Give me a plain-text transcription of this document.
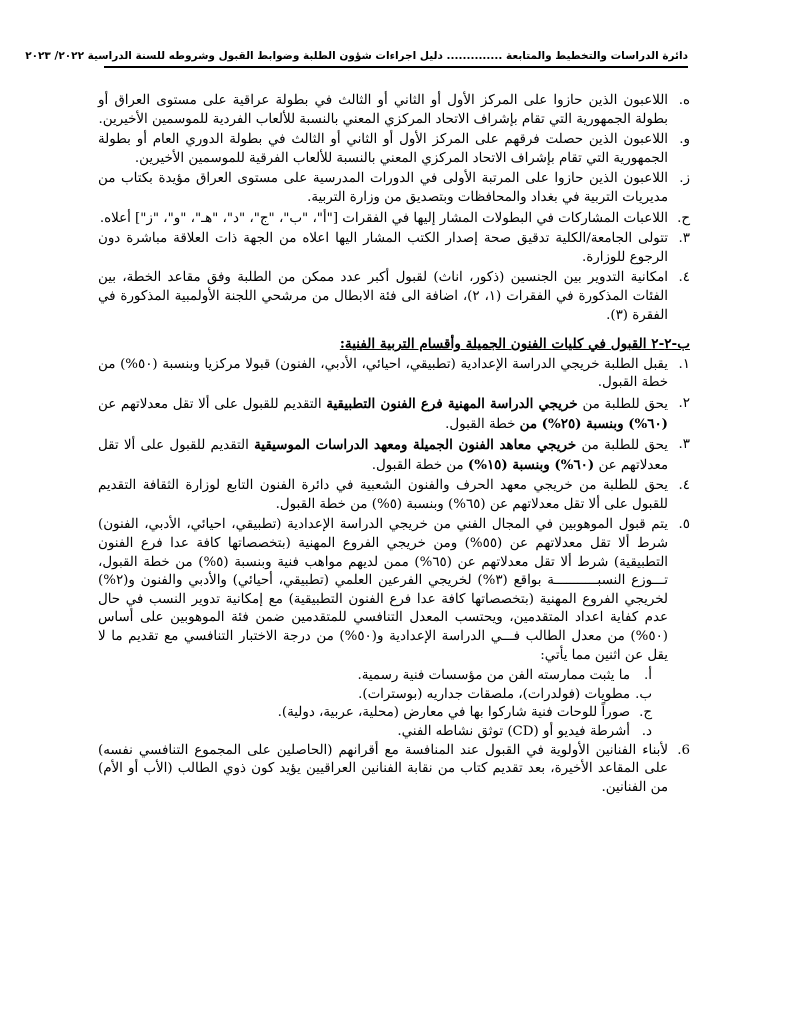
دائرة الدراسات والتخطيط والمتابعة .............. دليل اجراءات شؤون الطلبة وضوابط القبول وشروطه للسنة الدراسية ٢٠٢٢/ ٢٠٢٣
ه.
اللاعبون الذين حازوا على المركز الأول أو الثاني أو الثالث في بطولة عراقية على مستوى العراق أو بطولة الجمهورية التي تقام بإشراف الاتحاد المركزي المعني بالنسبة للألعاب الفردية للموسمين الأخيرين.
و.
اللاعبون الذين حصلت فرقهم على المركز الأول أو الثاني أو الثالث في بطولة الدوري العام أو بطولة الجمهورية التي تقام بإشراف الاتحاد المركزي المعني بالنسبة للألعاب الفرقية للموسمين الأخيرين.
ز.
اللاعبون الذين حازوا على المرتبة الأولى في الدورات المدرسية على مستوى العراق مؤيدة بكتاب من مديريات التربية في بغداد والمحافظات وبتصديق من وزارة التربية.
ح.
اللاعبات المشاركات في البطولات المشار إليها في الفقرات ["أ"، "ب"، "ج"، "د"، "هـ"، "و"، "ز"] أعلاه.
٣.
تتولى الجامعة/الكلية تدقيق صحة إصدار الكتب المشار اليها اعلاه من الجهة ذات العلاقة مباشرة دون الرجوع للوزارة.
٤.
امكانية التدوير بين الجنسين (ذكور، اناث) لقبول أكبر عدد ممكن من الطلبة وفق مقاعد الخطة، بين الفئات المذكورة في الفقرات (١، ٢)، اضافة الى فئة الابطال من مرشحي اللجنة الأولمبية المذكورة في الفقرة (٣).
ب-٢-٢ القبول في كليات الفنون الجميلة وأقسام التربية الفنية:
١.
يقبل الطلبة خريجي الدراسة الإعدادية (تطبيقي، احيائي، الأدبي، الفنون) قبولا مركزيا وبنسبة (٥٠%) من خطة القبول.
٢.
يحق للطلبة من خريجي الدراسة المهنية فرع الفنون التطبيقية التقديم للقبول على ألا تقل معدلاتهم عن (٦٠%) وبنسبة (٢٥%) من خطة القبول.
٣.
يحق للطلبة من خريجي معاهد الفنون الجميلة ومعهد الدراسات الموسيقية التقديم للقبول على ألا تقل معدلاتهم عن (٦٠%) وبنسبة (١٥%) من خطة القبول.
٤.
يحق للطلبة من خريجي معهد الحرف والفنون الشعبية في دائرة الفنون التابع لوزارة الثقافة التقديم للقبول على ألا تقل معدلاتهم عن (٦٥%) وبنسبة (٥%) من خطة القبول.
٥.
يتم قبول الموهوبين في المجال الفني من خريجي الدراسة الإعدادية (تطبيقي، احيائي، الأدبي، الفنون) شرط ألا تقل معدلاتهم عن (٥٥%) ومن خريجي الفروع المهنية (بتخصصاتها كافة عدا فرع الفنون التطبيقية) شرط ألا تقل معدلاتهم عن (٦٥%) ممن لديهم مواهب فنية وبنسبة (٥%) من خطة القبول، تـــوزع النسبـــــــــــة بواقع (٣%) لخريجي الفرعين العلمي (تطبيقي، أحيائي) والأدبي والفنون و(٢%) لخريجي الفروع المهنية (بتخصصاتها كافة عدا فرع الفنون التطبيقية) مع إمكانية تدوير النسب في حال عدم كفاية اعداد المتقدمين، ويحتسب المعدل التنافسي للمتقدمين ضمن فئة الموهوبين على أساس (٥٠%) من معدل الطالب فـــي الدراسة الإعدادية و(٥٠%) من درجة الاختبار التنافسي مع تقديم ما لا يقل عن اثنين مما يأتي:
أ.
ما يثبت ممارسته الفن من مؤسسات فنية رسمية.
ب.
مطويات (فولدرات)، ملصقات جداريه (بوسترات).
ج.
صوراً للوحات فنية شاركوا بها في معارض (محلية، عربية، دولية).
د.
أشرطة فيديو أو (CD) توثق نشاطه الفني.
6.
لأبناء الفنانين الأولوية في القبول عند المنافسة مع أقرانهم (الحاصلين على المجموع التنافسي نفسه) على المقاعد الأخيرة، بعد تقديم كتاب من نقابة الفنانين العراقيين يؤيد كون ذوي الطالب (الأب أو الأم) من الفنانين.
